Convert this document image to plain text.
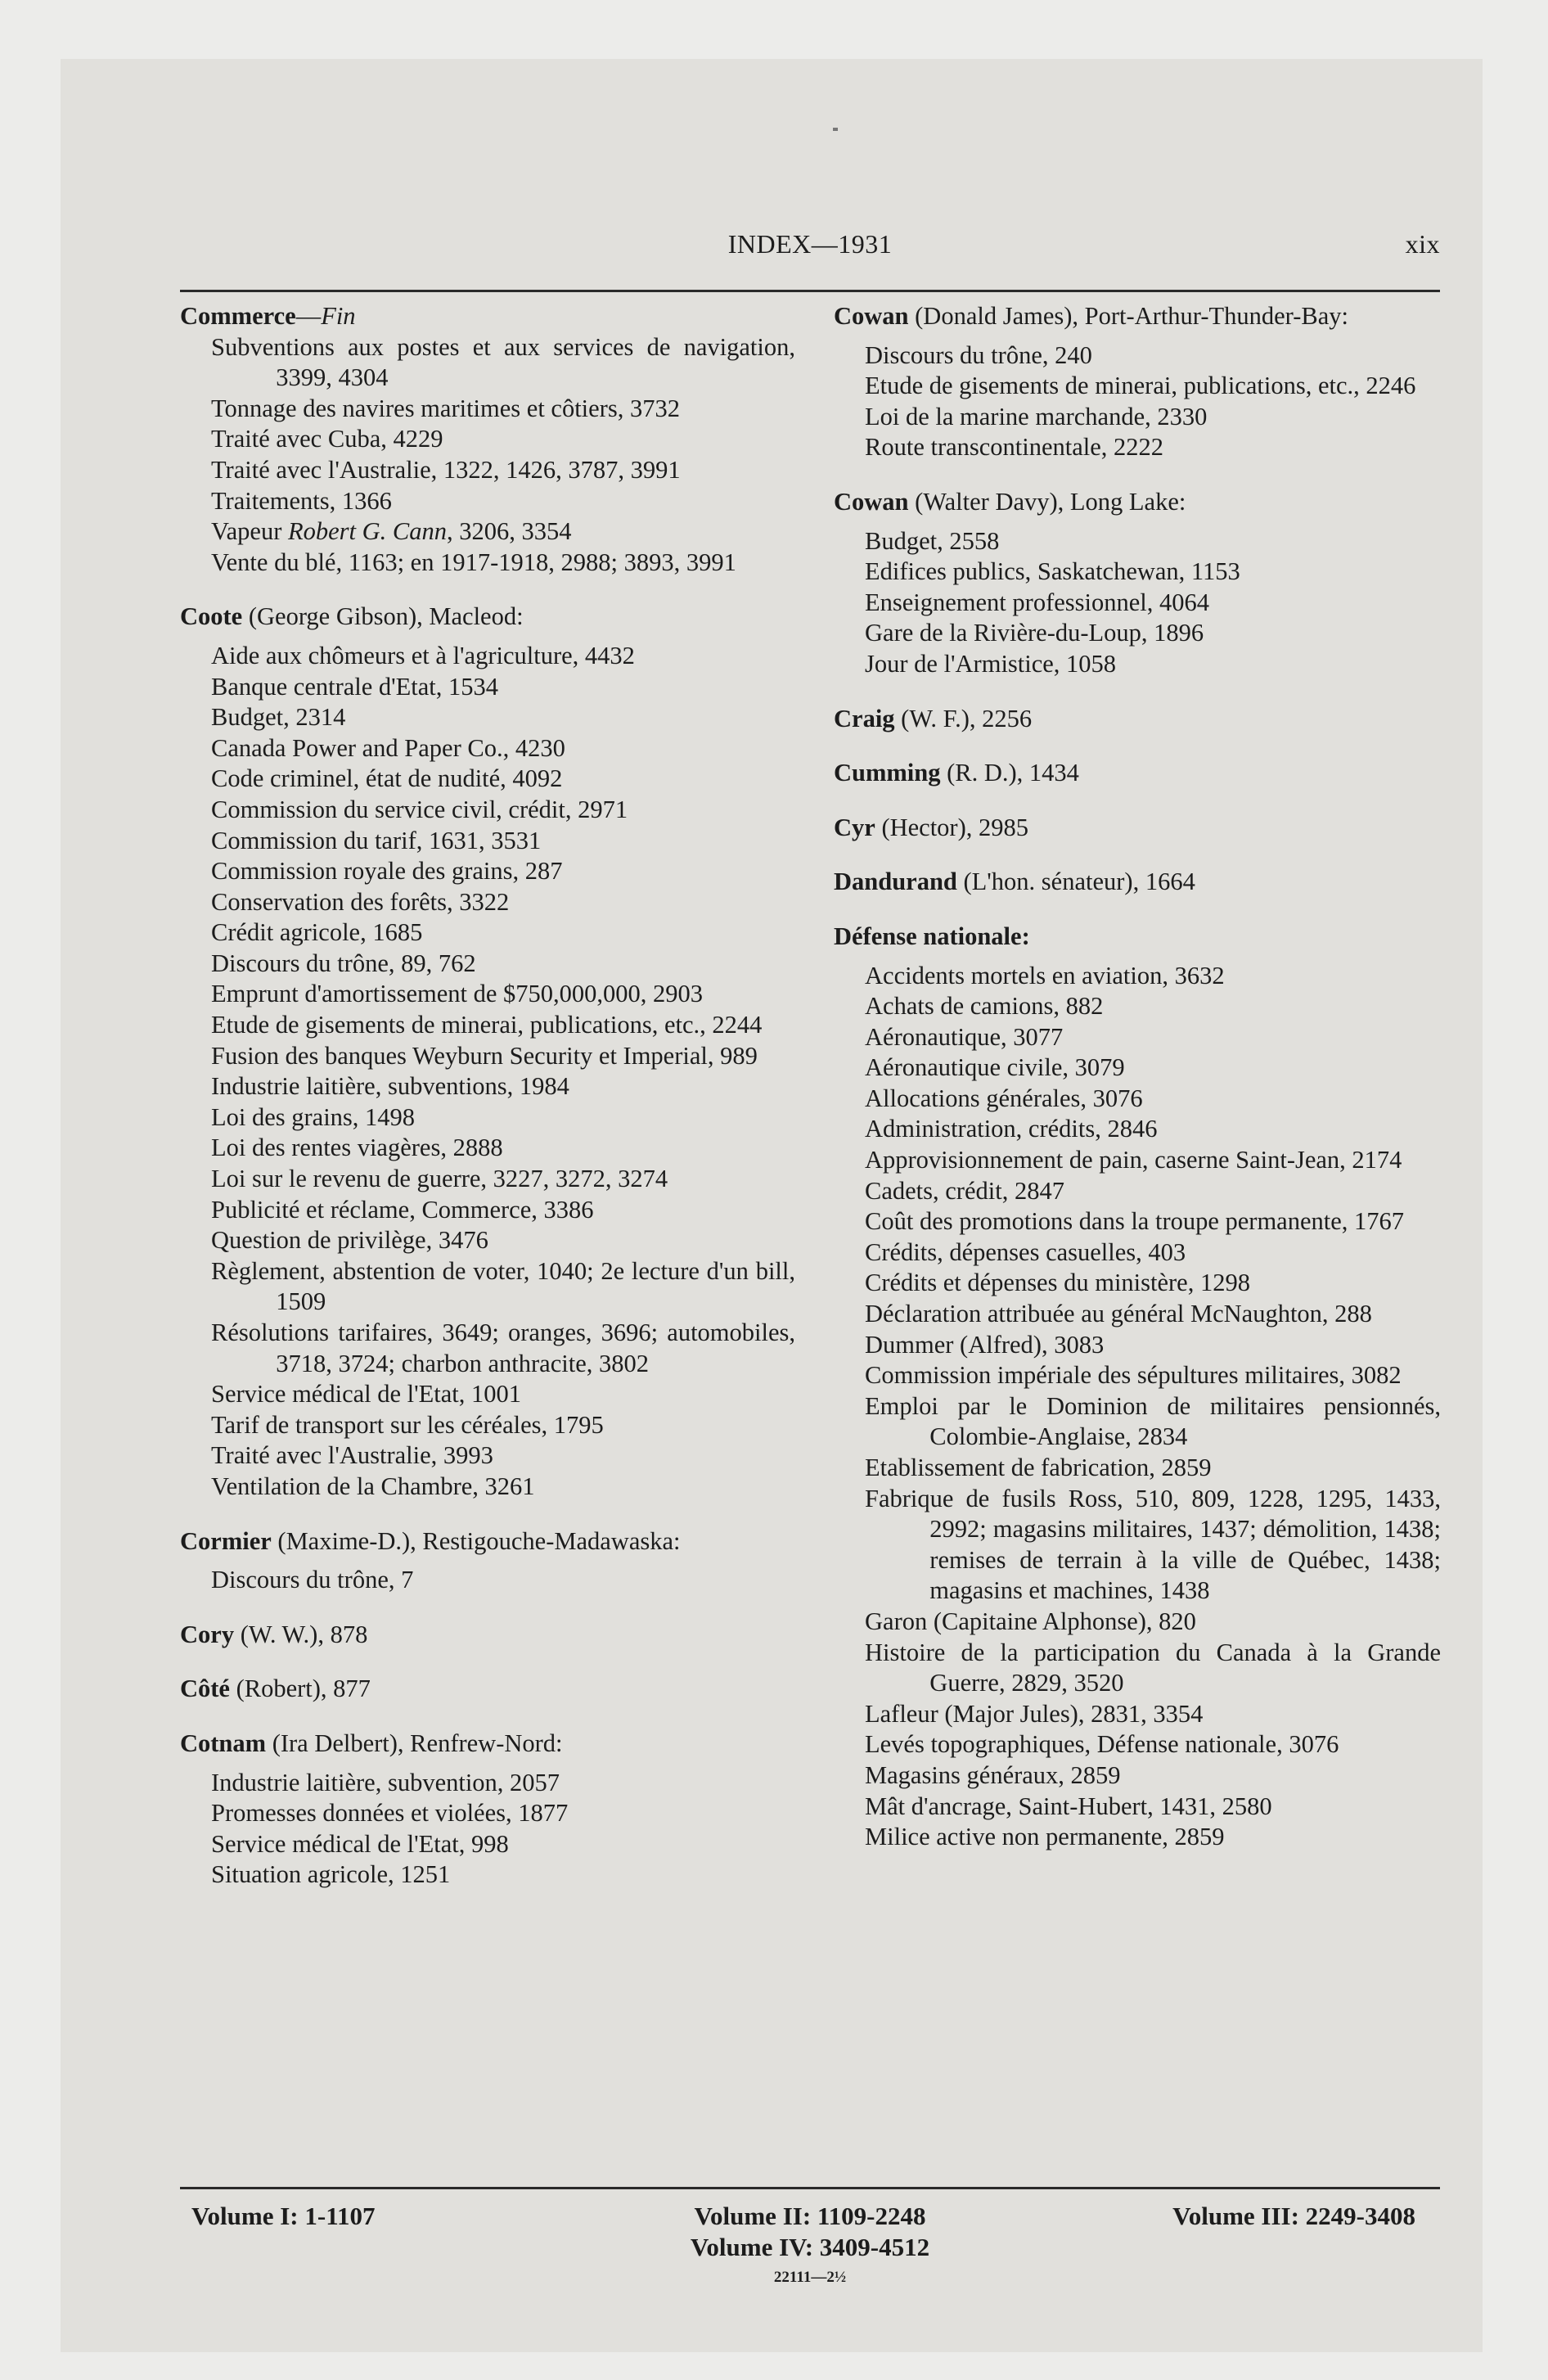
INDEX—1931	xix
Commerce—Fin
Subventions aux postes et aux services de navigation, 3399, 4304
Tonnage des navires maritimes et côtiers, 3732
Traité avec Cuba, 4229
Traité avec l'Australie, 1322, 1426, 3787, 3991
Traitements, 1366
Vapeur Robert G. Cann, 3206, 3354
Vente du blé, 1163; en 1917-1918, 2988; 3893, 3991
Coote (George Gibson), Macleod:
Aide aux chômeurs et à l'agriculture, 4432
Banque centrale d'Etat, 1534
Budget, 2314
Canada Power and Paper Co., 4230
Code criminel, état de nudité, 4092
Commission du service civil, crédit, 2971
Commission du tarif, 1631, 3531
Commission royale des grains, 287
Conservation des forêts, 3322
Crédit agricole, 1685
Discours du trône, 89, 762
Emprunt d'amortissement de $750,000,000, 2903
Etude de gisements de minerai, publications, etc., 2244
Fusion des banques Weyburn Security et Imperial, 989
Industrie laitière, subventions, 1984
Loi des grains, 1498
Loi des rentes viagères, 2888
Loi sur le revenu de guerre, 3227, 3272, 3274
Publicité et réclame, Commerce, 3386
Question de privilège, 3476
Règlement, abstention de voter, 1040; 2e lecture d'un bill, 1509
Résolutions tarifaires, 3649; oranges, 3696; automobiles, 3718, 3724; charbon anthracite, 3802
Service médical de l'Etat, 1001
Tarif de transport sur les céréales, 1795
Traité avec l'Australie, 3993
Ventilation de la Chambre, 3261
Cormier (Maxime-D.), Restigouche-Madawaska:
Discours du trône, 7
Cory (W. W.), 878
Côté (Robert), 877
Cotnam (Ira Delbert), Renfrew-Nord:
Industrie laitière, subvention, 2057
Promesses données et violées, 1877
Service médical de l'Etat, 998
Situation agricole, 1251
Cowan (Donald James), Port-Arthur-Thunder-Bay:
Discours du trône, 240
Etude de gisements de minerai, publications, etc., 2246
Loi de la marine marchande, 2330
Route transcontinentale, 2222
Cowan (Walter Davy), Long Lake:
Budget, 2558
Edifices publics, Saskatchewan, 1153
Enseignement professionnel, 4064
Gare de la Rivière-du-Loup, 1896
Jour de l'Armistice, 1058
Craig (W. F.), 2256
Cumming (R. D.), 1434
Cyr (Hector), 2985
Dandurand (L'hon. sénateur), 1664
Défense nationale:
Accidents mortels en aviation, 3632
Achats de camions, 882
Aéronautique, 3077
Aéronautique civile, 3079
Allocations générales, 3076
Administration, crédits, 2846
Approvisionnement de pain, caserne Saint-Jean, 2174
Cadets, crédit, 2847
Coût des promotions dans la troupe permanente, 1767
Crédits, dépenses casuelles, 403
Crédits et dépenses du ministère, 1298
Déclaration attribuée au général McNaughton, 288
Dummer (Alfred), 3083
Commission impériale des sépultures militaires, 3082
Emploi par le Dominion de militaires pensionnés, Colombie-Anglaise, 2834
Etablissement de fabrication, 2859
Fabrique de fusils Ross, 510, 809, 1228, 1295, 1433, 2992; magasins militaires, 1437; démolition, 1438; remises de terrain à la ville de Québec, 1438; magasins et machines, 1438
Garon (Capitaine Alphonse), 820
Histoire de la participation du Canada à la Grande Guerre, 2829, 3520
Lafleur (Major Jules), 2831, 3354
Levés topographiques, Défense nationale, 3076
Magasins généraux, 2859
Mât d'ancrage, Saint-Hubert, 1431, 2580
Milice active non permanente, 2859
Volume I: 1-1107	Volume II: 1109-2248	Volume III: 2249-3408
Volume IV: 3409-4512
22111—2½
